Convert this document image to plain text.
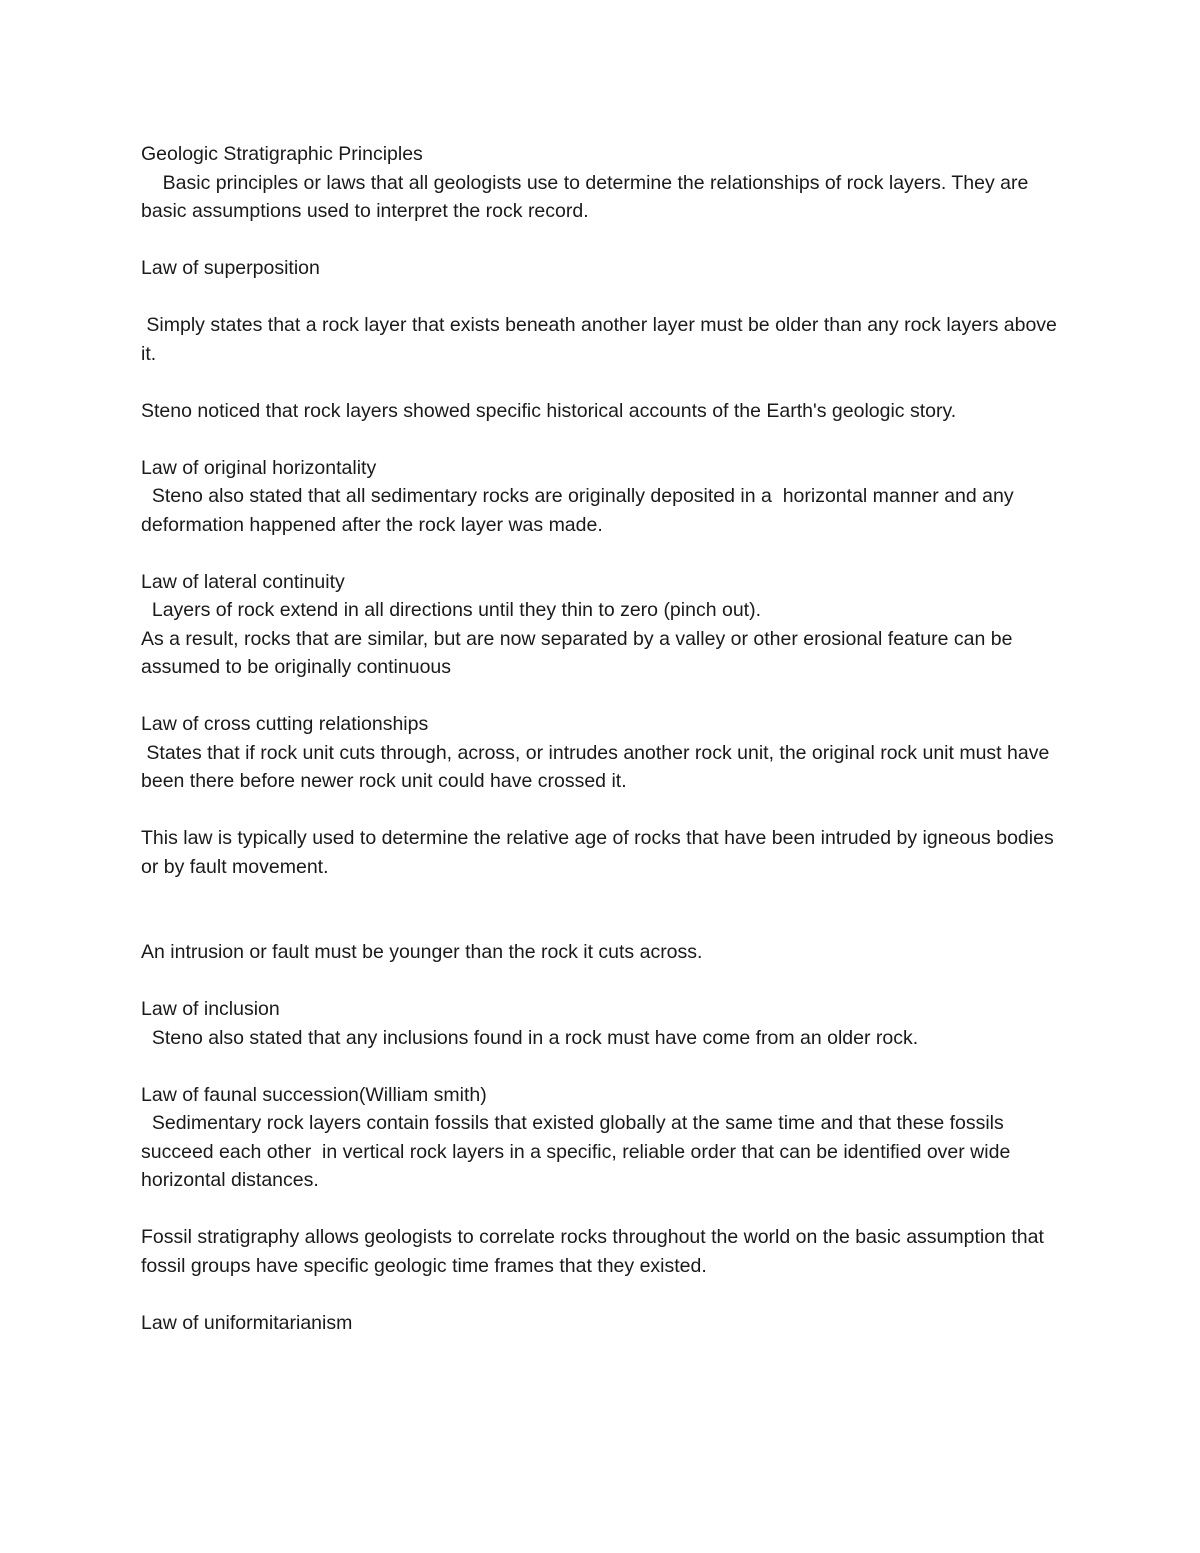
Geologic Stratigraphic Principles

Basic principles or laws that all geologists use to determine the relationships of rock layers. They are basic assumptions used to interpret the rock record.

Law of superposition

Simply states that a rock layer that exists beneath another layer must be older than any rock layers above it.

Steno noticed that rock layers showed specific historical accounts of the Earth's geologic story.

Law of original horizontality

Steno also stated that all sedimentary rocks are originally deposited in a  horizontal manner and any deformation happened after the rock layer was made.

Law of lateral continuity

Layers of rock extend in all directions until they thin to zero (pinch out).

As a result, rocks that are similar, but are now separated by a valley or other erosional feature can be assumed to be originally continuous

Law of cross cutting relationships

States that if rock unit cuts through, across, or intrudes another rock unit, the original rock unit must have been there before newer rock unit could have crossed it.

This law is typically used to determine the relative age of rocks that have been intruded by igneous bodies or by fault movement.

An intrusion or fault must be younger than the rock it cuts across.

Law of inclusion

Steno also stated that any inclusions found in a rock must have come from an older rock.

Law of faunal succession(William smith)

Sedimentary rock layers contain fossils that existed globally at the same time and that these fossils succeed each other  in vertical rock layers in a specific, reliable order that can be identified over wide horizontal distances.

Fossil stratigraphy allows geologists to correlate rocks throughout the world on the basic assumption that fossil groups have specific geologic time frames that they existed.

Law of uniformitarianism
